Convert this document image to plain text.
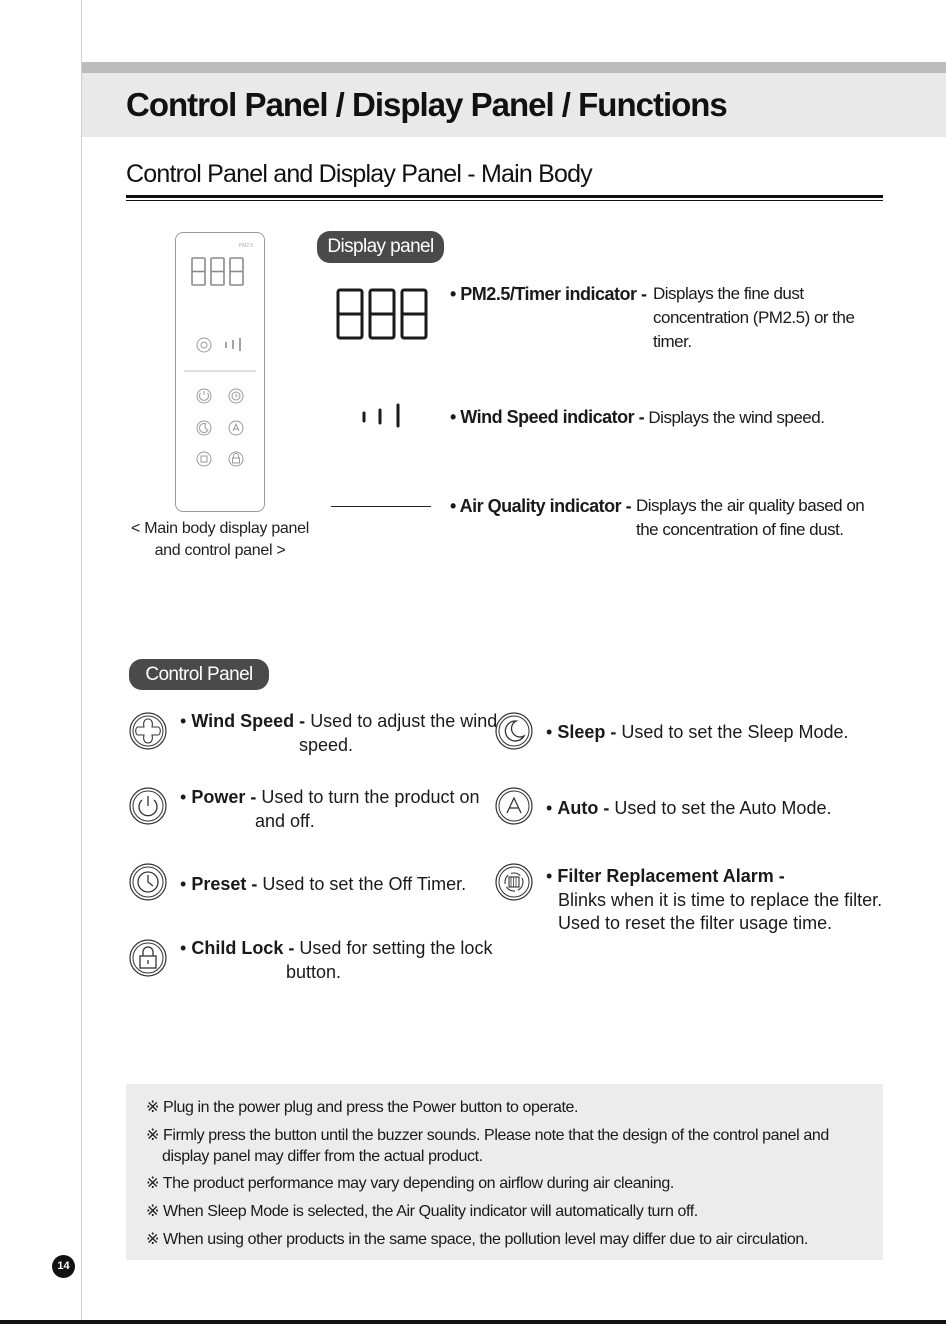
Control Panel / Display Panel / Functions
Control Panel and Display Panel - Main Body
PM2.5
< Main body display panel
and control panel >
Display panel
• PM2.5/Timer indicator - Displays the fine dust
concentration (PM2.5) or the
timer.
• Wind Speed indicator - Displays the wind speed.
• Air Quality indicator - Displays the air quality based on
the concentration of fine dust.
Control Panel
• Wind Speed - Used to adjust the wind
speed.
• Power - Used to turn the product on
and off.
• Preset - Used to set the Off Timer.
• Child Lock - Used for setting the lock
button.
• Sleep - Used to set the Sleep Mode.
• Auto - Used to set the Auto Mode.
• Filter Replacement Alarm -
Blinks when it is time to replace the filter.
Used to reset the filter usage time.
※ Plug in the power plug and press the Power button to operate.
※ Firmly press the button until the buzzer sounds. Please note that the design of the control panel and
display panel may differ from the actual product.
※ The product performance may vary depending on airflow during air cleaning.
※ When Sleep Mode is selected, the Air Quality indicator will automatically turn off.
※ When using other products in the same space, the pollution level may differ due to air circulation.
14
